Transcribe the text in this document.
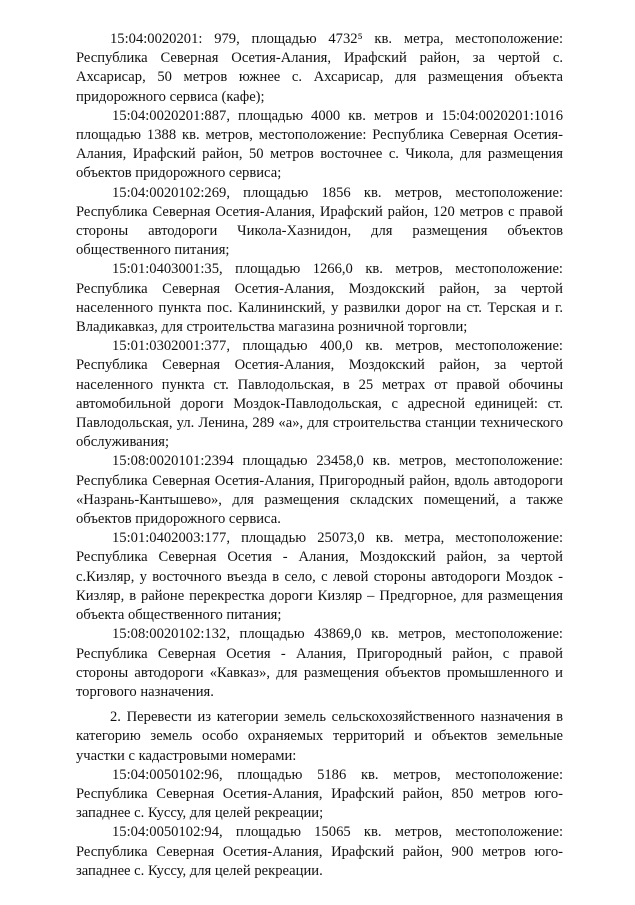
15:04:0020201: 979, площадью 4732⁵ кв. метра, местоположение: Республика Северная Осетия-Алания, Ирафский район, за чертой с. Ахсарисар, 50 метров южнее с. Ахсарисар, для размещения объекта придорожного сервиса (кафе);

15:04:0020201:887, площадью 4000 кв. метров и 15:04:0020201:1016 площадью 1388 кв. метров, местоположение: Республика Северная Осетия-Алания, Ирафский район, 50 метров восточнее с. Чикола, для размещения объектов придорожного сервиса;

15:04:0020102:269, площадью 1856 кв. метров, местоположение: Республика Северная Осетия-Алания, Ирафский район, 120 метров с правой стороны автодороги Чикола-Хазнидон, для размещения объектов общественного питания;

15:01:0403001:35, площадью 1266,0 кв. метров, местоположение: Республика Северная Осетия-Алания, Моздокский район, за чертой населенного пункта пос. Калининский, у развилки дорог на ст. Терская и г. Владикавказ, для строительства магазина розничной торговли;

15:01:0302001:377, площадью 400,0 кв. метров, местоположение: Республика Северная Осетия-Алания, Моздокский район, за чертой населенного пункта ст. Павлодольская, в 25 метрах от правой обочины автомобильной дороги Моздок-Павлодольская, с адресной единицей: ст. Павлодольская, ул. Ленина, 289 «а», для строительства станции технического обслуживания;

15:08:0020101:2394 площадью 23458,0 кв. метров, местоположение: Республика Северная Осетия-Алания, Пригородный район, вдоль автодороги «Назрань-Кантышево», для размещения складских помещений, а также объектов придорожного сервиса.

15:01:0402003:177, площадью 25073,0 кв. метра, местоположение: Республика Северная Осетия - Алания, Моздокский район, за чертой с.Кизляр, у восточного въезда в село, с левой стороны автодороги Моздок - Кизляр, в районе перекрестка дороги Кизляр – Предгорное, для размещения объекта общественного питания;

15:08:0020102:132, площадью 43869,0 кв. метров, местоположение: Республика Северная Осетия - Алания, Пригородный район, с правой стороны автодороги «Кавказ», для размещения объектов промышленного и торгового назначения.

2. Перевести из категории земель сельскохозяйственного назначения в категорию земель особо охраняемых территорий и объектов земельные участки с кадастровыми номерами:

15:04:0050102:96, площадью 5186 кв. метров, местоположение: Республика Северная Осетия-Алания, Ирафский район, 850 метров юго-западнее с. Куссу, для целей рекреации;

15:04:0050102:94, площадью 15065 кв. метров, местоположение: Республика Северная Осетия-Алания, Ирафский район, 900 метров юго-западнее с. Куссу, для целей рекреации.
